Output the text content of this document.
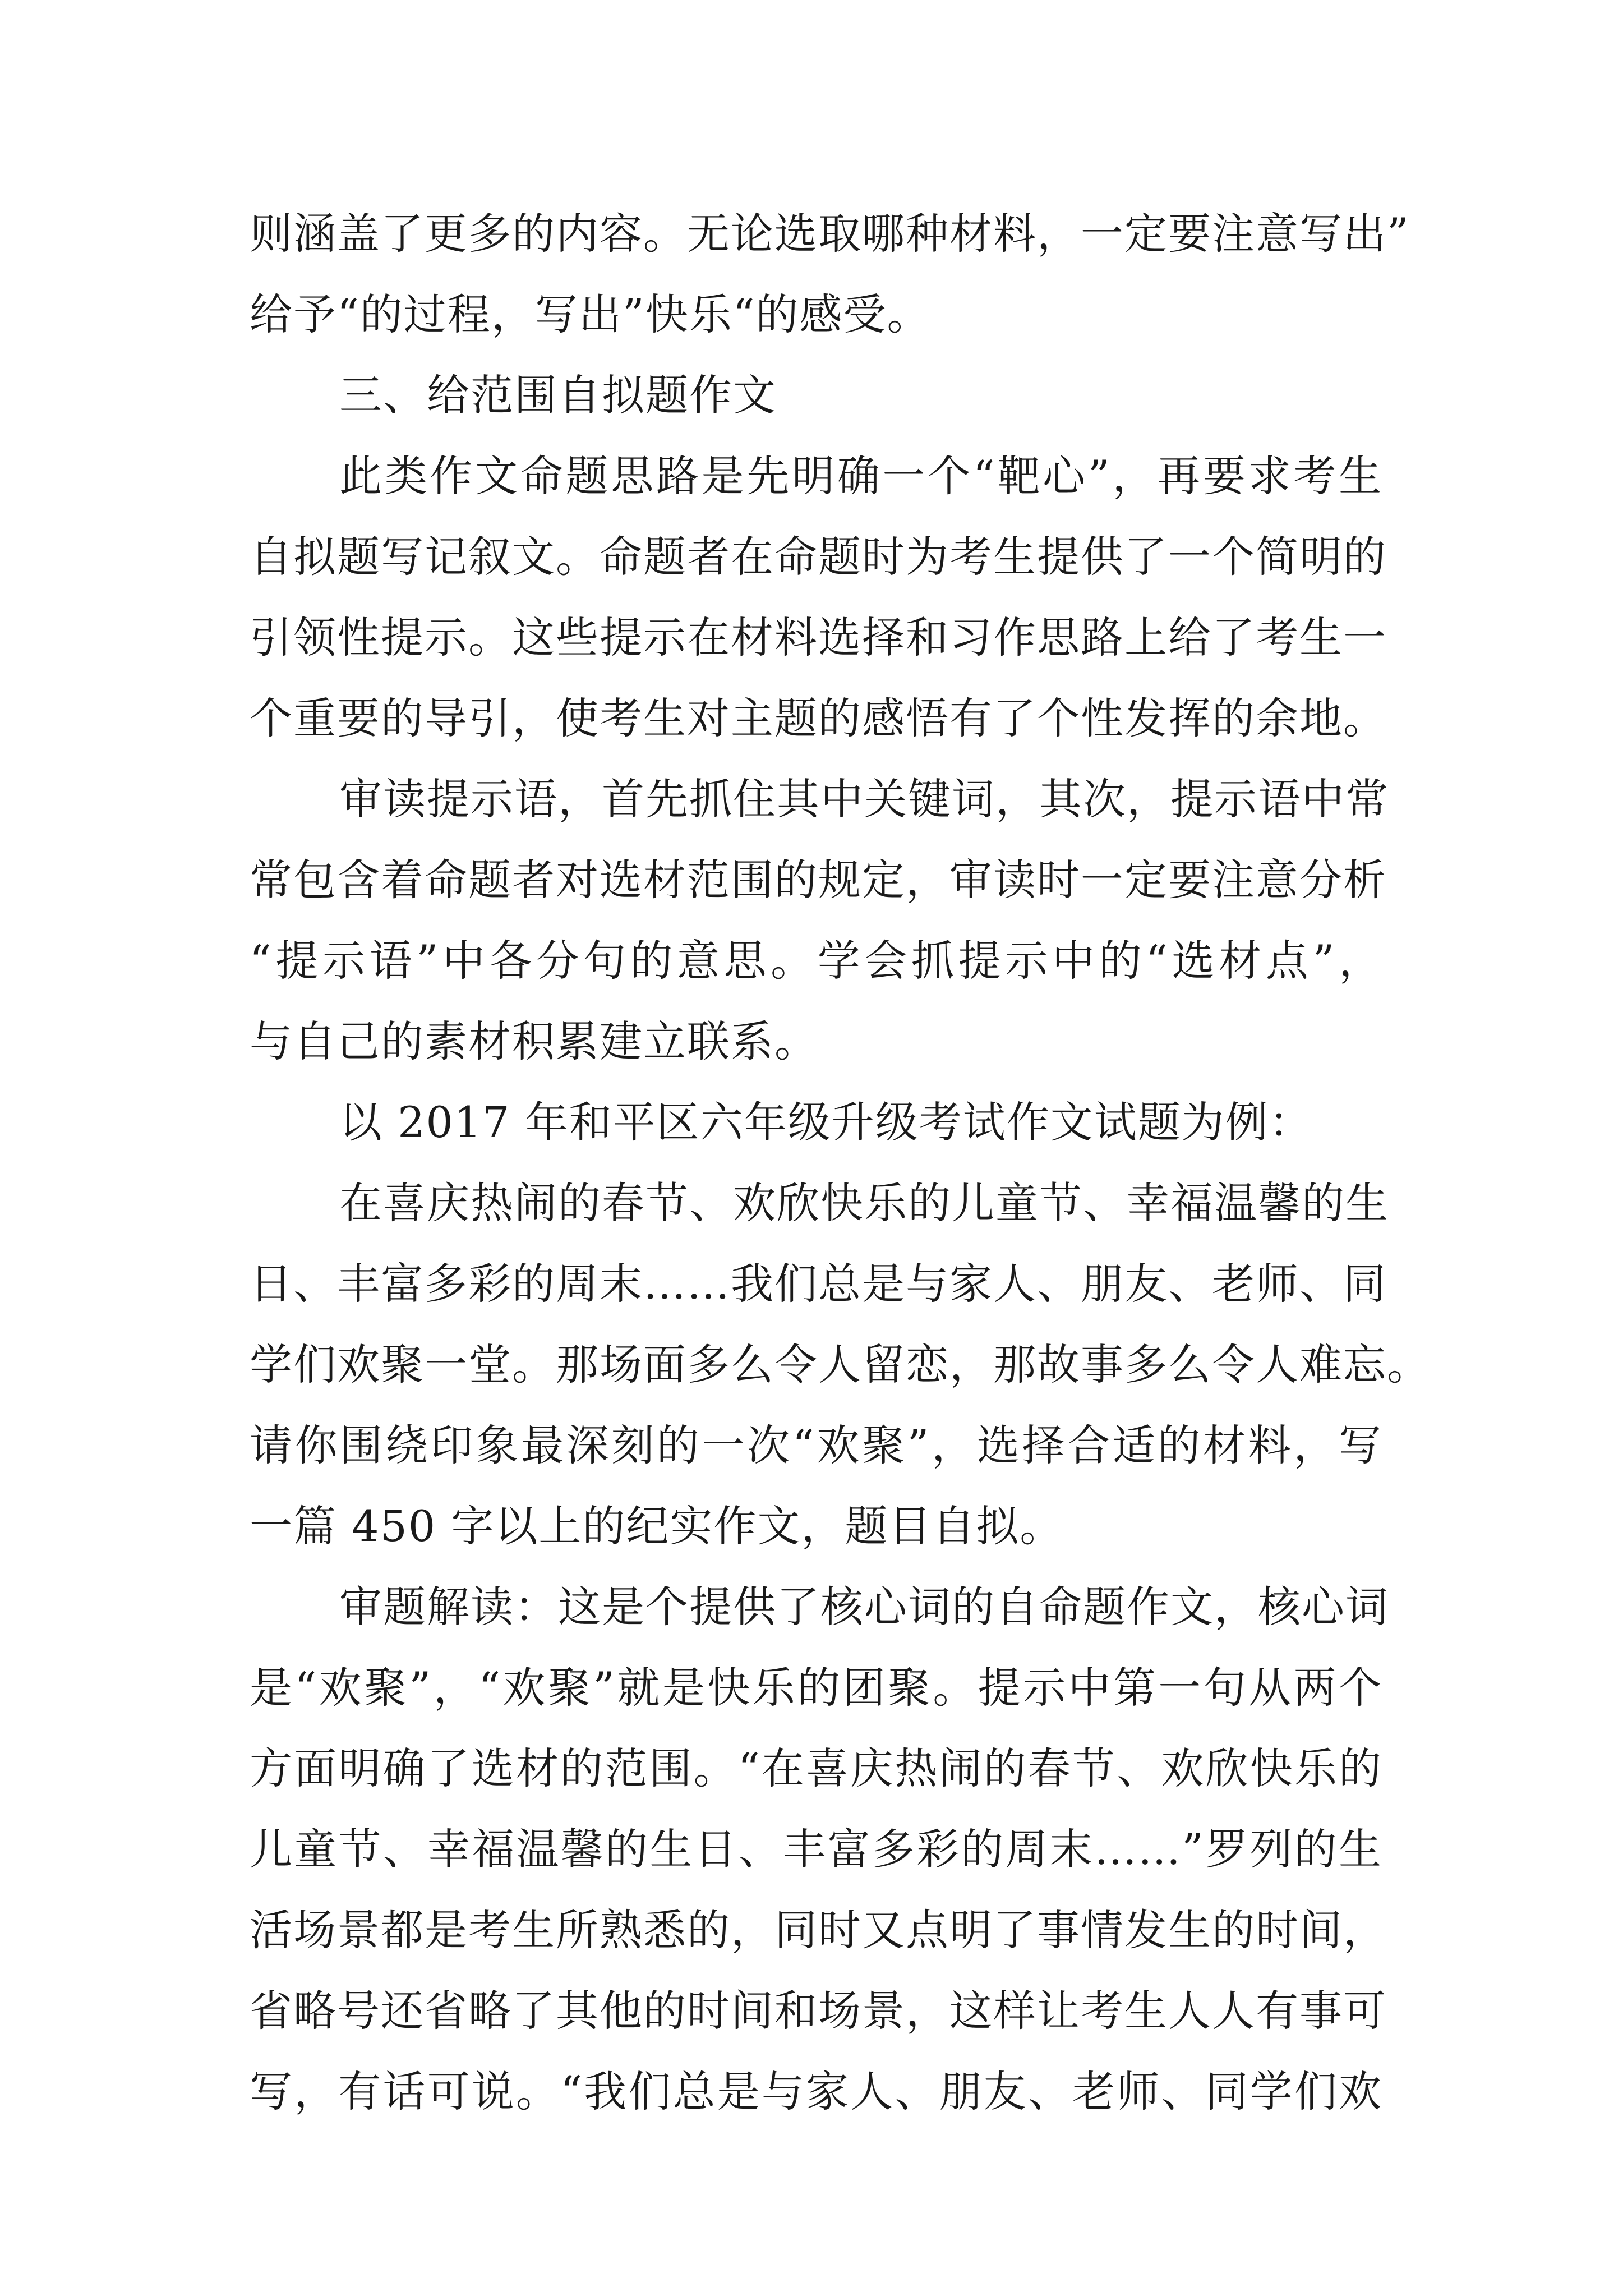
则涵盖了更多的内容。无论选取哪种材料，一定要注意写出”
给予“的过程，写出”快乐“的感受。
三、给范围自拟题作文
此类作文命题思路是先明确一个“靶心”，再要求考生
自拟题写记叙文。命题者在命题时为考生提供了一个简明的
引领性提示。这些提示在材料选择和习作思路上给了考生一
个重要的导引，使考生对主题的感悟有了个性发挥的余地。
审读提示语，首先抓住其中关键词，其次，提示语中常
常包含着命题者对选材范围的规定，审读时一定要注意分析
“提示语”中各分句的意思。学会抓提示中的“选材点”，
与自己的素材积累建立联系。
以 2017 年和平区六年级升级考试作文试题为例：
在喜庆热闹的春节、欢欣快乐的儿童节、幸福温馨的生
日、丰富多彩的周末……我们总是与家人、朋友、老师、同
学们欢聚一堂。那场面多么令人留恋，那故事多么令人难忘。
请你围绕印象最深刻的一次“欢聚”，选择合适的材料，写
一篇 450 字以上的纪实作文，题目自拟。
审题解读：这是个提供了核心词的自命题作文，核心词
是“欢聚”，“欢聚”就是快乐的团聚。提示中第一句从两个
方面明确了选材的范围。“在喜庆热闹的春节、欢欣快乐的
儿童节、幸福温馨的生日、丰富多彩的周末……”罗列的生
活场景都是考生所熟悉的，同时又点明了事情发生的时间，
省略号还省略了其他的时间和场景，这样让考生人人有事可
写，有话可说。“我们总是与家人、朋友、老师、同学们欢
